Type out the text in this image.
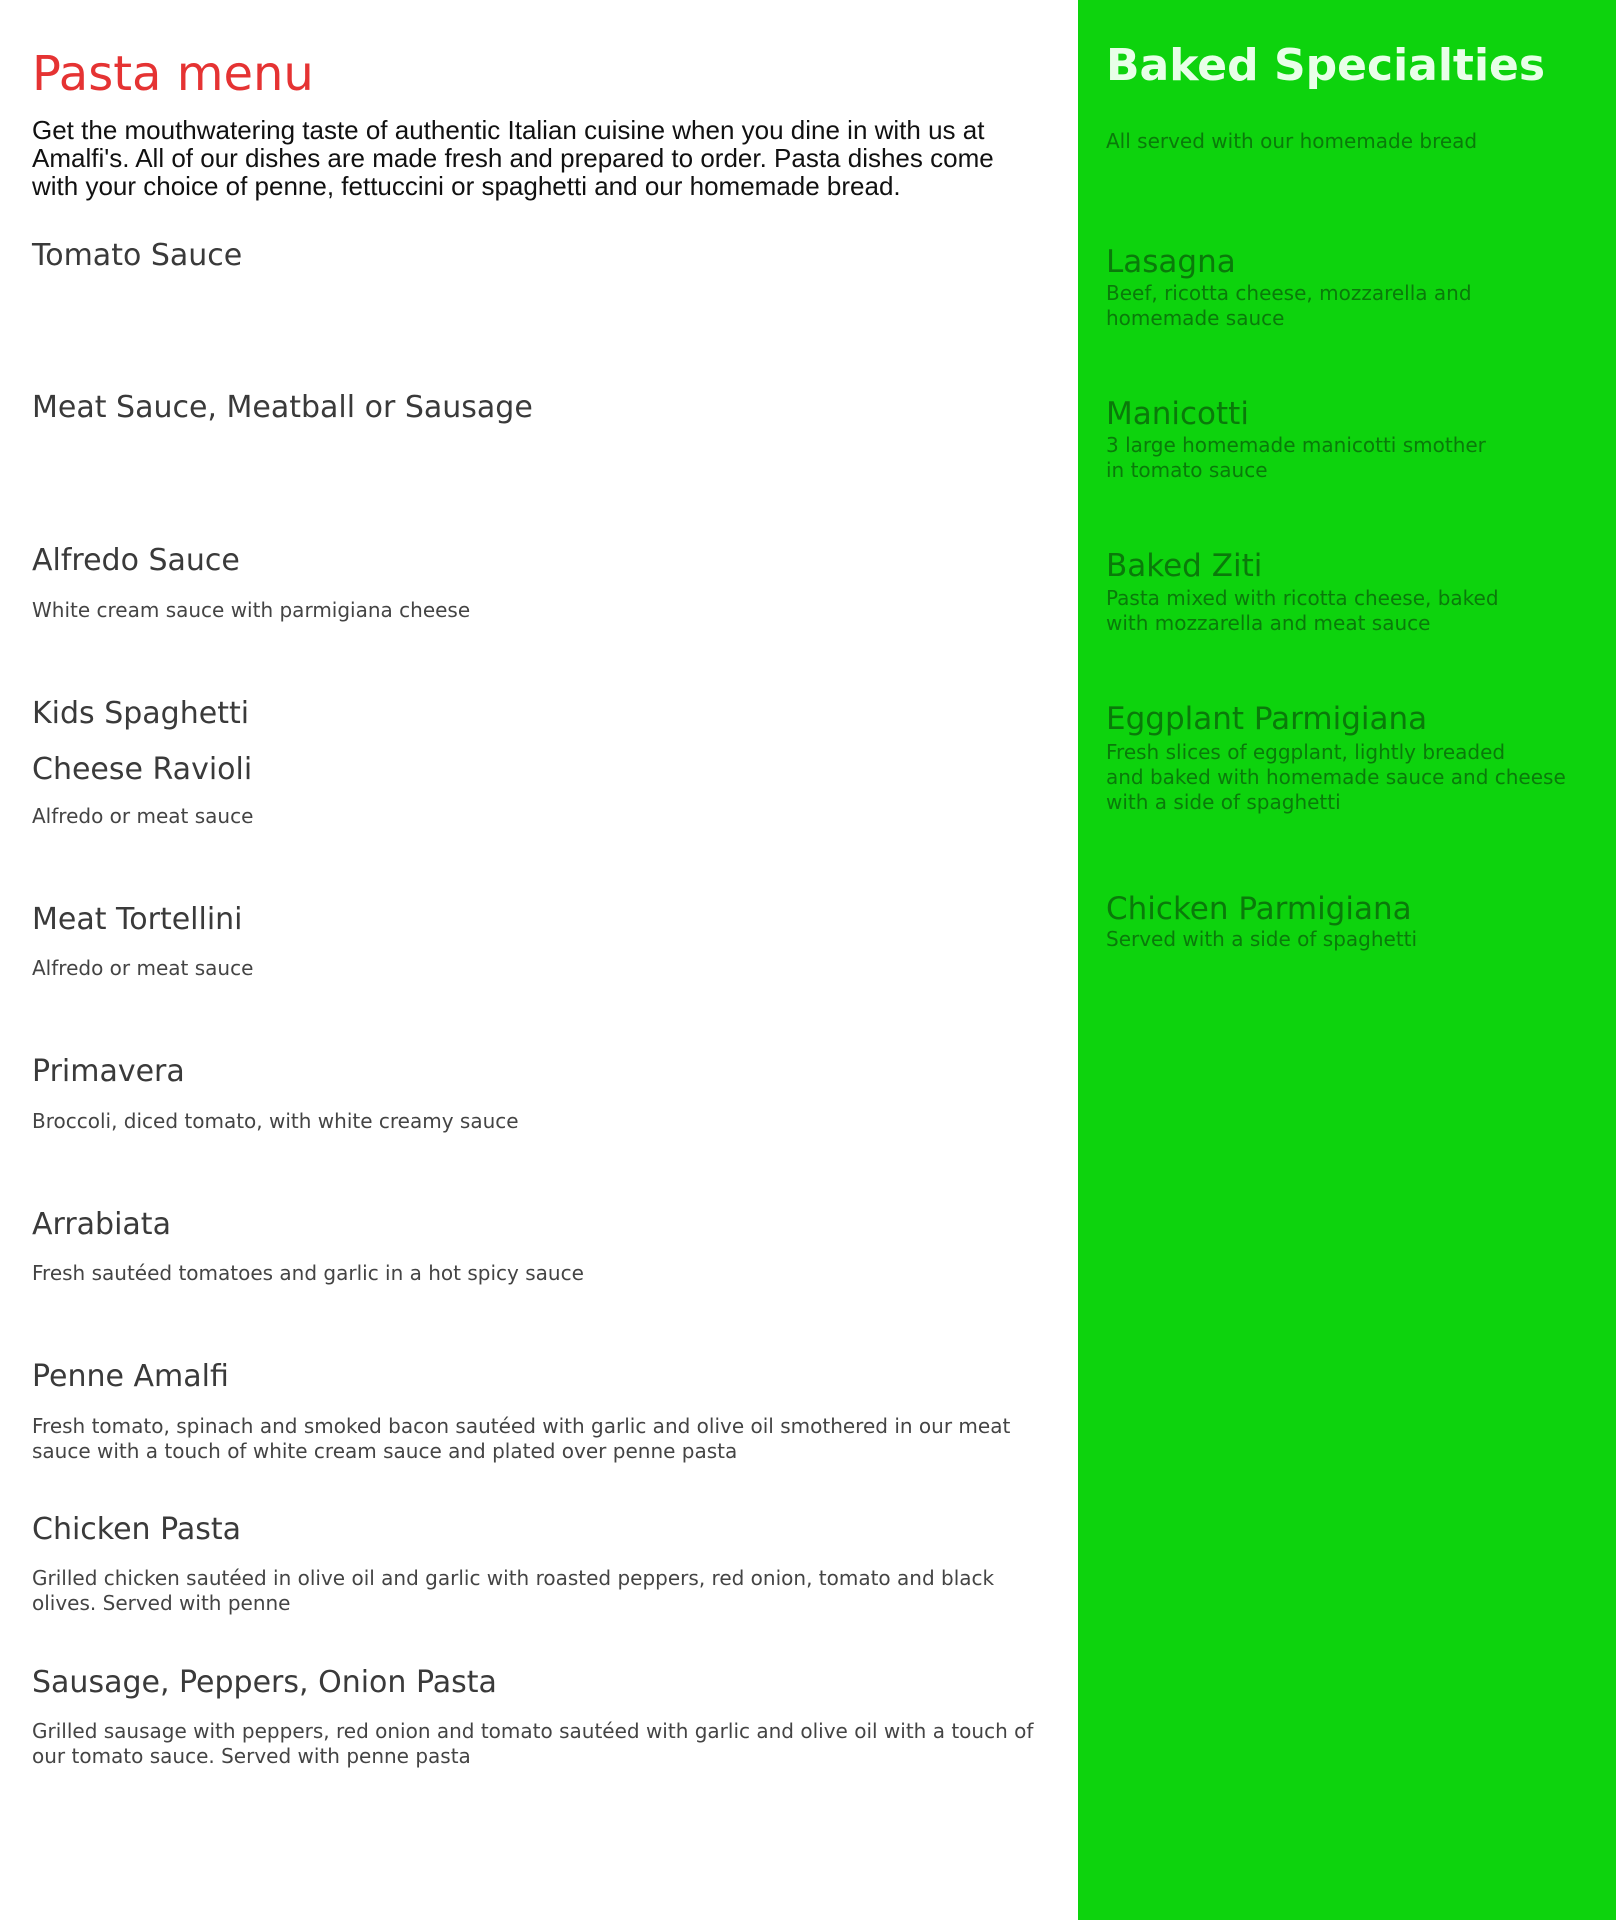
Pasta menu

Get the mouthwatering taste of authentic Italian cuisine when you dine in with us at Amalfi's. All of our dishes are made fresh and prepared to order. Pasta dishes come with your choice of penne, fettuccini or spaghetti and our homemade bread.

Tomato Sauce
Meat Sauce, Meatball or Sausage
Alfredo Sauce

White cream sauce with parmigiana cheese

Kids Spaghetti
Cheese Ravioli

Alfredo or meat sauce

Meat Tortellini

Alfredo or meat sauce

Primavera

Broccoli, diced tomato, with white creamy sauce

Arrabiata

Fresh sautéed tomatoes and garlic in a hot spicy sauce

Penne Amalfi

Fresh tomato, spinach and smoked bacon sautéed with garlic and olive oil smothered in our meat sauce with a touch of white cream sauce and plated over penne pasta

Chicken Pasta

Grilled chicken sautéed in olive oil and garlic with roasted peppers, red onion, tomato and black olives. Served with penne

Sausage, Peppers, Onion Pasta

Grilled sausage with peppers, red onion and tomato sautéed with garlic and olive oil with a touch of our tomato sauce. Served with penne pasta

Baked Specialties

All served with our homemade bread

Lasagna

Beef, ricotta cheese, mozzarella and
homemade sauce

Manicotti

3 large homemade manicotti smother
in tomato sauce

Baked Ziti

Pasta mixed with ricotta cheese, baked
with mozzarella and meat sauce

Eggplant Parmigiana

Fresh slices of eggplant, lightly breaded
and baked with homemade sauce and cheese
with a side of spaghetti

Chicken Parmigiana

Served with a side of spaghetti
